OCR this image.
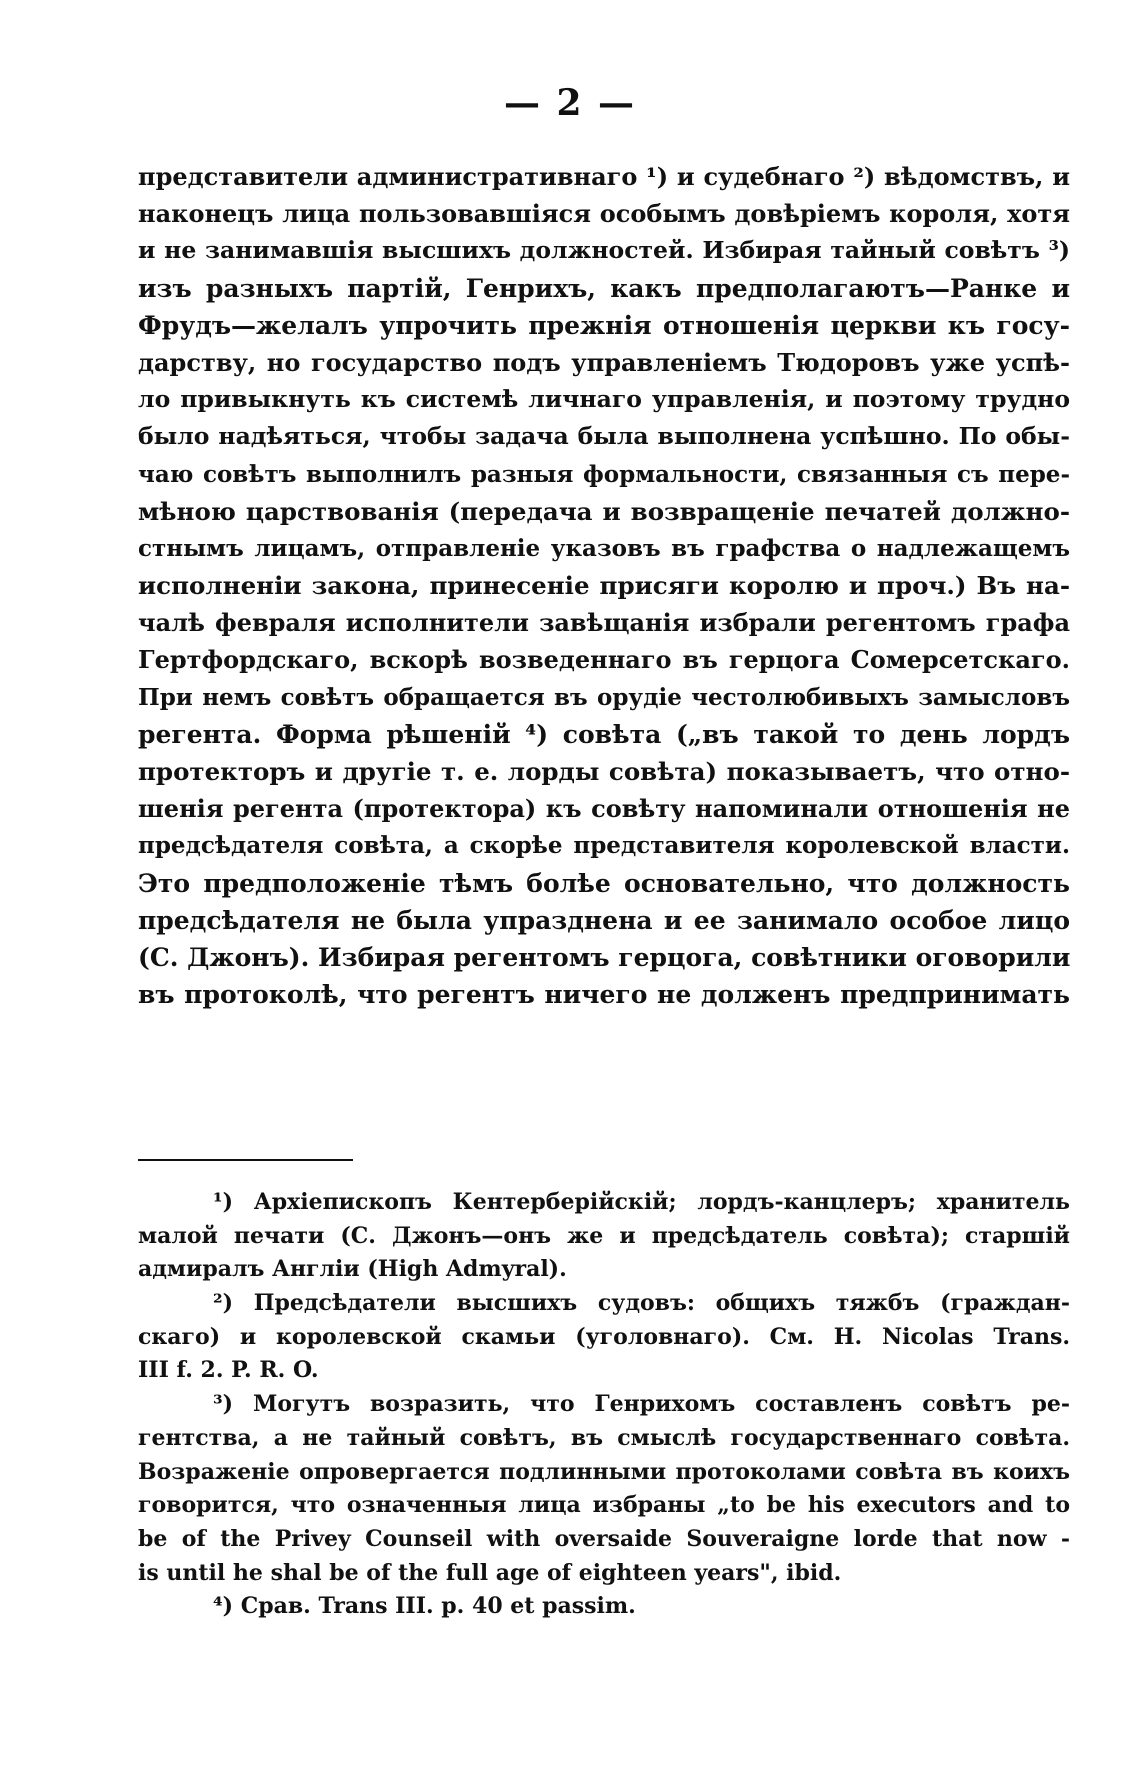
— 2 —
представители административнаго ¹) и судебнаго ²) вѣдомствъ, и
наконецъ лица пользовавшіяся особымъ довѣріемъ короля, хотя
и не занимавшія высшихъ должностей. Избирая тайный совѣтъ ³)
изъ разныхъ партій, Генрихъ, какъ предполагаютъ—Ранке и
Фрудъ—желалъ упрочить прежнія отношенія церкви къ госу-
дарству, но государство подъ управленіемъ Тюдоровъ уже успѣ-
ло привыкнуть къ системѣ личнаго управленія, и поэтому трудно
было надѣяться, чтобы задача была выполнена успѣшно. По обы-
чаю совѣтъ выполнилъ разныя формальности, связанныя съ пере-
мѣною царствованія (передача и возвращеніе печатей должно-
стнымъ лицамъ, отправленіе указовъ въ графства о надлежащемъ
исполненіи закона, принесеніе присяги королю и проч.) Въ на-
чалѣ февраля исполнители завѣщанія избрали регентомъ графа
Гертфордскаго, вскорѣ возведеннаго въ герцога Сомерсетскаго.
При немъ совѣтъ обращается въ орудіе честолюбивыхъ замысловъ
регента. Форма рѣшеній ⁴) совѣта („въ такой то день лордъ
протекторъ и другіе т. е. лорды совѣта) показываетъ, что отно-
шенія регента (протектора) къ совѣту напоминали отношенія не
предсѣдателя совѣта, а скорѣе представителя королевской власти.
Это предположеніе тѣмъ болѣе основательно, что должность
предсѣдателя не была упразднена и ее занимало особое лицо
(С. Джонъ). Избирая регентомъ герцога, совѣтники оговорили
въ протоколѣ, что регентъ ничего не долженъ предпринимать
¹) Архіепископъ Кентерберійскій; лордъ-канцлеръ; хранитель
малой печати (С. Джонъ—онъ же и предсѣдатель совѣта); старшій
адмиралъ Англіи (High Admyral).
²) Предсѣдатели высшихъ судовъ: общихъ тяжбъ (граждан-
скаго) и королевской скамьи (уголовнаго). См. H. Nicolas Trans.
III f. 2. P. R. O.
³) Могутъ возразить, что Генрихомъ составленъ совѣтъ ре-
гентства, а не тайный совѣтъ, въ смыслѣ государственнаго совѣта.
Возраженіе опровергается подлинными протоколами совѣта въ коихъ
говорится, что означенныя лица избраны „to be his executors and to
be of the Privey Counseil with oversaide Souveraigne lorde that now -
is until he shal be of the full age of eighteen years", ibid.
⁴) Срав. Trans III. p. 40 et passim.
